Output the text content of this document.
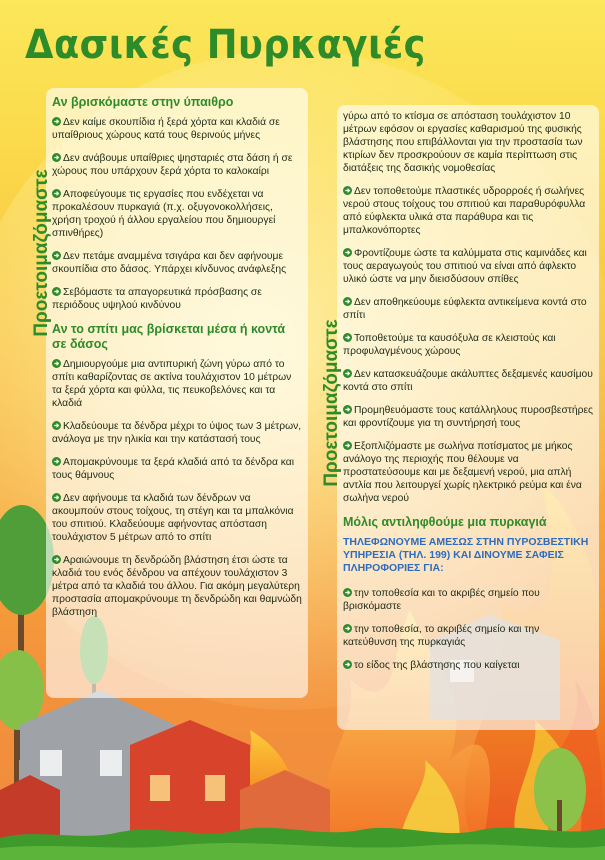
Δασικές Πυρκαγιές
Προετοιμαζόμαστε
Προετοιμαζόμαστε
Αν βρισκόμαστε στην ύπαιθρο
Δεν καίμε σκουπίδια ή ξερά χόρτα και κλαδιά σε υπαίθριους χώρους κατά τους θερινούς μήνες
Δεν ανάβουμε υπαίθριες ψησταριές στα δάση ή σε χώρους που υπάρχουν ξερά χόρτα το καλοκαίρι
Αποφεύγουμε τις εργασίες που ενδέχεται να προκαλέσουν πυρκαγιά (π.χ. οξυγονοκολλήσεις, χρήση τροχού ή άλλου εργαλείου που δημιουργεί σπινθήρες)
Δεν πετάμε αναμμένα τσιγάρα και δεν αφήνουμε σκουπίδια στο δάσος. Υπάρχει κίνδυνος ανάφλεξης
Σεβόμαστε τα απαγορευτικά πρόσβασης σε περιόδους υψηλού κινδύνου
Αν το σπίτι μας βρίσκεται μέσα ή κοντά σε δάσος
Δημιουργούμε μια αντιπυρική ζώνη γύρω από το σπίτι καθαρίζοντας σε ακτίνα τουλάχιστον 10 μέτρων τα ξερά χόρτα και φύλλα, τις πευκοβελόνες και τα κλαδιά
Κλαδεύουμε τα δένδρα μέχρι το ύψος των 3 μέτρων, ανάλογα με την ηλικία και την κατάστασή τους
Απομακρύνουμε τα ξερά κλαδιά από τα δένδρα και τους θάμνους
Δεν αφήνουμε τα κλαδιά των δένδρων να ακουμπούν στους τοίχους, τη στέγη και τα μπαλκόνια του σπιτιού. Κλαδεύουμε αφήνοντας απόσταση τουλάχιστον 5 μέτρων από το σπίτι
Αραιώνουμε τη δενδρώδη βλάστηση έτσι ώστε τα κλαδιά του ενός δένδρου να απέχουν τουλάχιστον 3 μέτρα από τα κλαδιά του άλλου. Για ακόμη μεγαλύτερη προστασία απομακρύνουμε τη δενδρώδη και θαμνώδη βλάστηση
γύρω από το κτίσμα σε απόσταση τουλάχιστον 10 μέτρων εφόσον οι εργασίες καθαρισμού της φυσικής βλάστησης που επιβάλλονται για την προστασία των κτιρίων δεν προσκρούουν σε καμία περίπτωση στις διατάξεις της δασικής νομοθεσίας
Δεν τοποθετούμε πλαστικές υδρορροές ή σωλήνες νερού στους τοίχους του σπιτιού και παραθυρόφυλλα από εύφλεκτα υλικά στα παράθυρα και τις μπαλκονόπορτες
Φροντίζουμε ώστε τα καλύμματα στις καμινάδες και τους αεραγωγούς του σπιτιού να είναι από άφλεκτο υλικό ώστε να μην διεισδύσουν σπίθες
Δεν αποθηκεύουμε εύφλεκτα αντικείμενα κοντά στο σπίτι
Τοποθετούμε τα καυσόξυλα σε κλειστούς και προφυλαγμένους χώρους
Δεν κατασκευάζουμε ακάλυπτες δεξαμενές καυσίμου κοντά στο σπίτι
Προμηθευόμαστε τους κατάλληλους πυροσβεστήρες και φροντίζουμε για τη συντήρησή τους
Εξοπλιζόμαστε με σωλήνα ποτίσματος με μήκος ανάλογο της περιοχής που θέλουμε να προστατεύσουμε και με δεξαμενή νερού, μια απλή αντλία που λειτουργεί χωρίς ηλεκτρικό ρεύμα και ένα σωλήνα νερού
Μόλις αντιληφθούμε μια πυρκαγιά
ΤΗΛΕΦΩΝΟΥΜΕ ΑΜΕΣΩΣ ΣΤΗΝ ΠΥΡΟΣΒΕΣΤΙΚΗ ΥΠΗΡΕΣΙΑ (ΤΗΛ. 199) ΚΑΙ ΔΙΝΟΥΜΕ ΣΑΦΕΙΣ ΠΛΗΡΟΦΟΡΙΕΣ ΓΙΑ:
την τοποθεσία και το ακριβές σημείο που βρισκόμαστε
την τοποθεσία, το ακριβές σημείο και την κατεύθυνση της πυρκαγιάς
το είδος της βλάστησης που καίγεται
